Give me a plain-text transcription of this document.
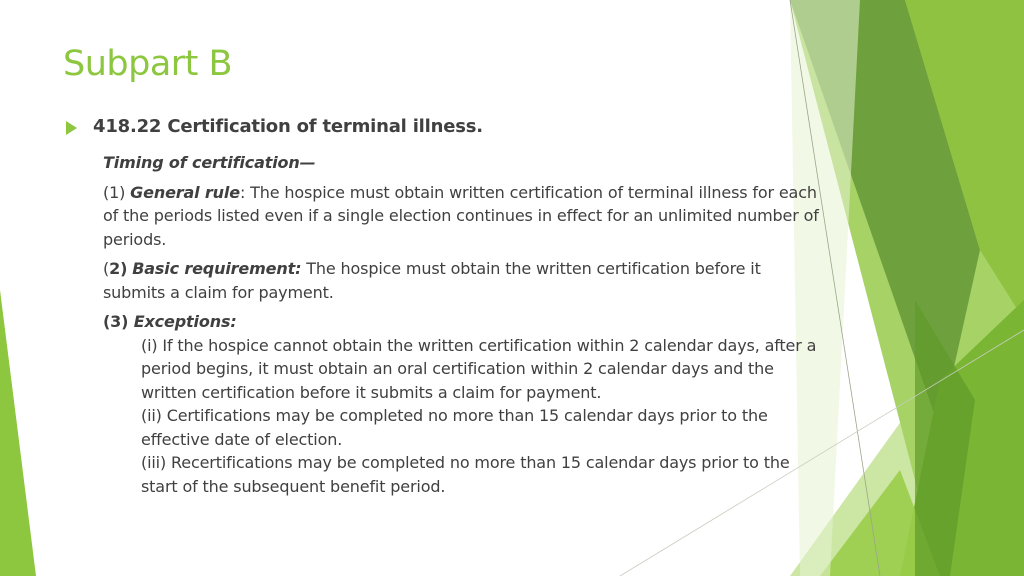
Subpart B
418.22 Certification of terminal illness.

Timing of certification—

(1) General rule: The hospice must obtain written certification of terminal illness for each of the periods listed even if a single election continues in effect for an unlimited number of periods.

(2) Basic requirement: The hospice must obtain the written certification before it submits a claim for payment.

(3) Exceptions:

(i) If the hospice cannot obtain the written certification within 2 calendar days, after a period begins, it must obtain an oral certification within 2 calendar days and the written certification before it submits a claim for payment.

(ii) Certifications may be completed no more than 15 calendar days prior to the effective date of election.

(iii) Recertifications may be completed no more than 15 calendar days prior to the start of the subsequent benefit period.
